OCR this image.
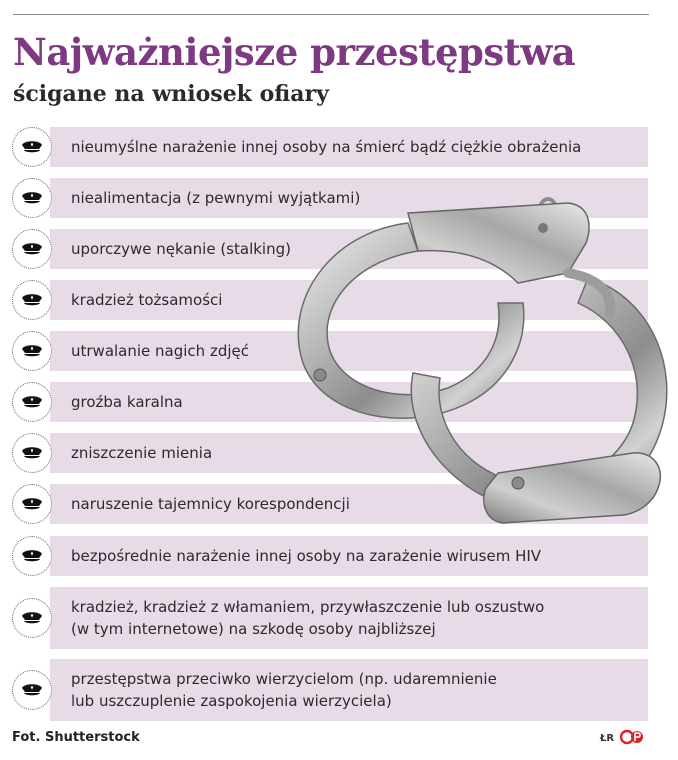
Najważniejsze przestępstwa
ścigane na wniosek ofiary
nieumyślne narażenie innej osoby na śmierć bądź ciężkie obrażenia
niealimentacja (z pewnymi wyjątkami)
uporczywe nękanie (stalking)
kradzież tożsamości
utrwalanie nagich zdjęć
groźba karalna
zniszczenie mienia
naruszenie tajemnicy korespondencji
bezpośrednie narażenie innej osoby na zarażenie wirusem HIV
kradzież, kradzież z włamaniem, przywłaszczenie lub oszustwo
(w tym internetowe) na szkodę osoby najbliższej
przestępstwa przeciwko wierzycielom (np. udaremnienie
lub uszczuplenie zaspokojenia wierzyciela)

Fot. Shutterstock	ŁR
